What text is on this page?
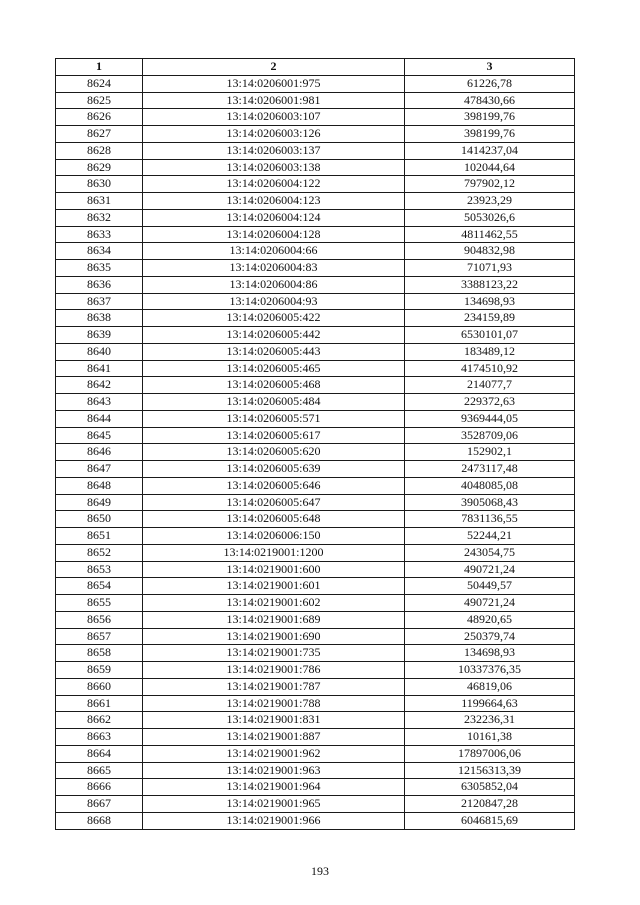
1	2	3
8624	13:14:0206001:975	61226,78
8625	13:14:0206001:981	478430,66
8626	13:14:0206003:107	398199,76
8627	13:14:0206003:126	398199,76
8628	13:14:0206003:137	1414237,04
8629	13:14:0206003:138	102044,64
8630	13:14:0206004:122	797902,12
8631	13:14:0206004:123	23923,29
8632	13:14:0206004:124	5053026,6
8633	13:14:0206004:128	4811462,55
8634	13:14:0206004:66	904832,98
8635	13:14:0206004:83	71071,93
8636	13:14:0206004:86	3388123,22
8637	13:14:0206004:93	134698,93
8638	13:14:0206005:422	234159,89
8639	13:14:0206005:442	6530101,07
8640	13:14:0206005:443	183489,12
8641	13:14:0206005:465	4174510,92
8642	13:14:0206005:468	214077,7
8643	13:14:0206005:484	229372,63
8644	13:14:0206005:571	9369444,05
8645	13:14:0206005:617	3528709,06
8646	13:14:0206005:620	152902,1
8647	13:14:0206005:639	2473117,48
8648	13:14:0206005:646	4048085,08
8649	13:14:0206005:647	3905068,43
8650	13:14:0206005:648	7831136,55
8651	13:14:0206006:150	52244,21
8652	13:14:0219001:1200	243054,75
8653	13:14:0219001:600	490721,24
8654	13:14:0219001:601	50449,57
8655	13:14:0219001:602	490721,24
8656	13:14:0219001:689	48920,65
8657	13:14:0219001:690	250379,74
8658	13:14:0219001:735	134698,93
8659	13:14:0219001:786	10337376,35
8660	13:14:0219001:787	46819,06
8661	13:14:0219001:788	1199664,63
8662	13:14:0219001:831	232236,31
8663	13:14:0219001:887	10161,38
8664	13:14:0219001:962	17897006,06
8665	13:14:0219001:963	12156313,39
8666	13:14:0219001:964	6305852,04
8667	13:14:0219001:965	2120847,28
8668	13:14:0219001:966	6046815,69
193
